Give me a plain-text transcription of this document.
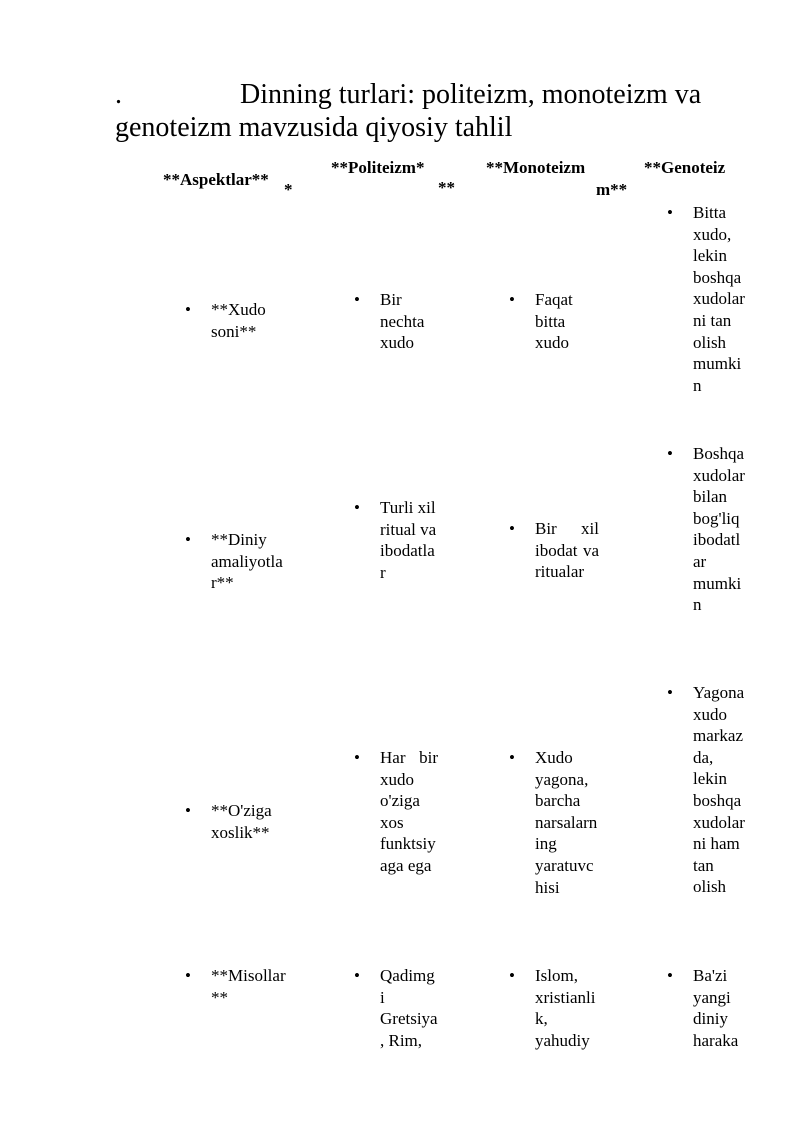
.	Dinning turlari: politeizm, monoteizm va genoteizm mavzusida qiyosiy tahlil
**Aspektlar**
*
**Politeizm*
**
**Monoteizm
m**
**Genoteiz
• **Xudo soni**
• Bir nechta xudo
• Faqat bitta xudo
• Bitta xudo, lekin boshqa xudolarni tan olish mumkin
• **Diniy amaliyotlar**
• Turli xil ritual va ibodatlar
• Bir xil ibodat va ritualar
• Boshqa xudolar bilan bog'liq ibodatlar mumkin
• **O'ziga xoslik**
• Har bir xudo o'ziga xos funktsiyaga ega
• Xudo yagona, barcha narsalarning yaratuvchisi
• Yagona xudo markazda, lekin boshqa xudolarni ham tan olish
• **Misollar**
• Qadimgi Gretsiya, Rim,
• Islom, xristianlik, yahudiy
• Ba'zi yangi diniy haraka
